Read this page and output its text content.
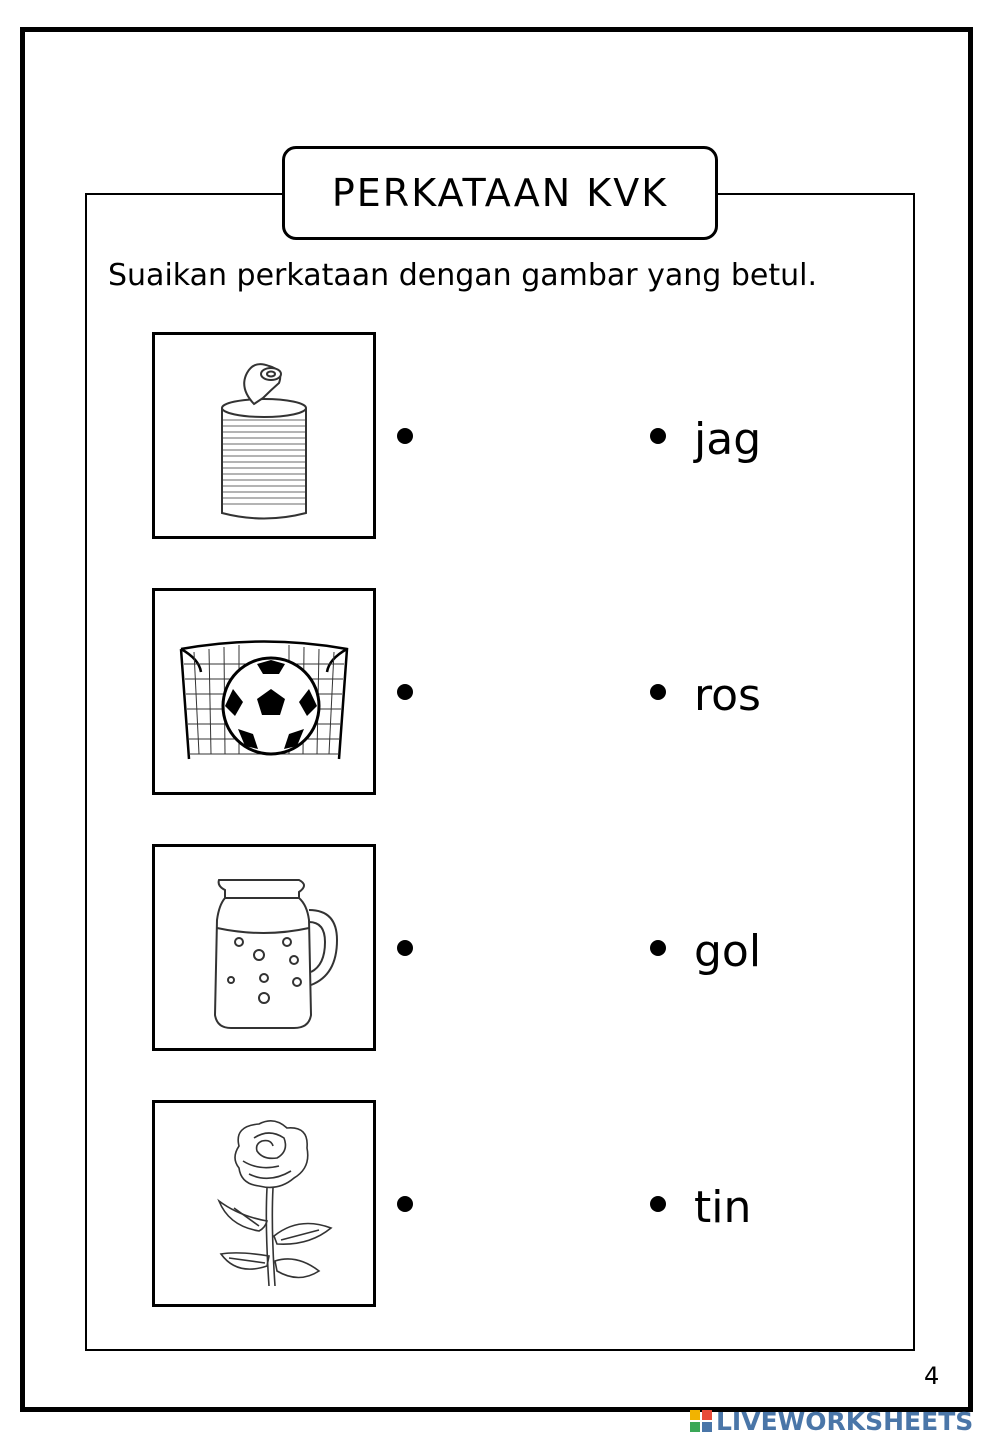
PERKATAAN KVK
Suaikan perkataan dengan gambar yang betul.
jag
ros
gol
tin
4
LIVEWORKSHEETS
